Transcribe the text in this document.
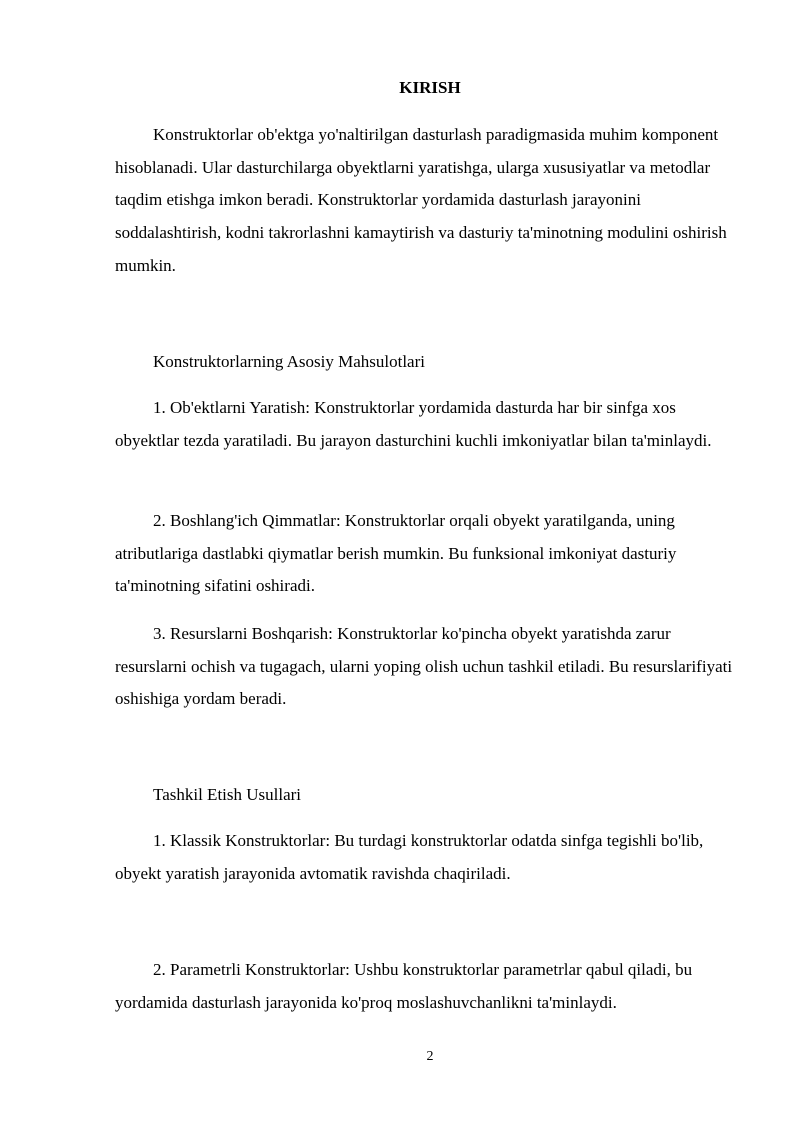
KIRISH
Konstruktorlar ob'ektga yo'naltirilgan dasturlash paradigmasida muhim komponent hisoblanadi. Ular dasturchilarga obyektlarni yaratishga, ularga xususiyatlar va metodlar taqdim etishga imkon beradi. Konstruktorlar yordamida dasturlash jarayonini soddalashtirish, kodni takrorlashni kamaytirish va dasturiy ta'minotning modulini oshirish mumkin.
Konstruktorlarning Asosiy Mahsulotlari
1. Ob'ektlarni Yaratish: Konstruktorlar yordamida dasturda har bir sinfga xos obyektlar tezda yaratiladi. Bu jarayon dasturchini kuchli imkoniyatlar bilan ta'minlaydi.
2. Boshlang'ich Qimmatlar: Konstruktorlar orqali obyekt yaratilganda, uning atributlariga dastlabki qiymatlar berish mumkin. Bu funksional imkoniyat dasturiy ta'minotning sifatini oshiradi.
3. Resurslarni Boshqarish: Konstruktorlar ko'pincha obyekt yaratishda zarur resurslarni ochish va tugagach, ularni yoping olish uchun tashkil etiladi. Bu resurslarifiyati oshishiga yordam beradi.
Tashkil Etish Usullari
1. Klassik Konstruktorlar: Bu turdagi konstruktorlar odatda sinfga tegishli bo'lib, obyekt yaratish jarayonida avtomatik ravishda chaqiriladi.
2. Parametrli Konstruktorlar: Ushbu konstruktorlar parametrlar qabul qiladi, bu yordamida dasturlash jarayonida ko'proq moslashuvchanlikni ta'minlaydi.
2
